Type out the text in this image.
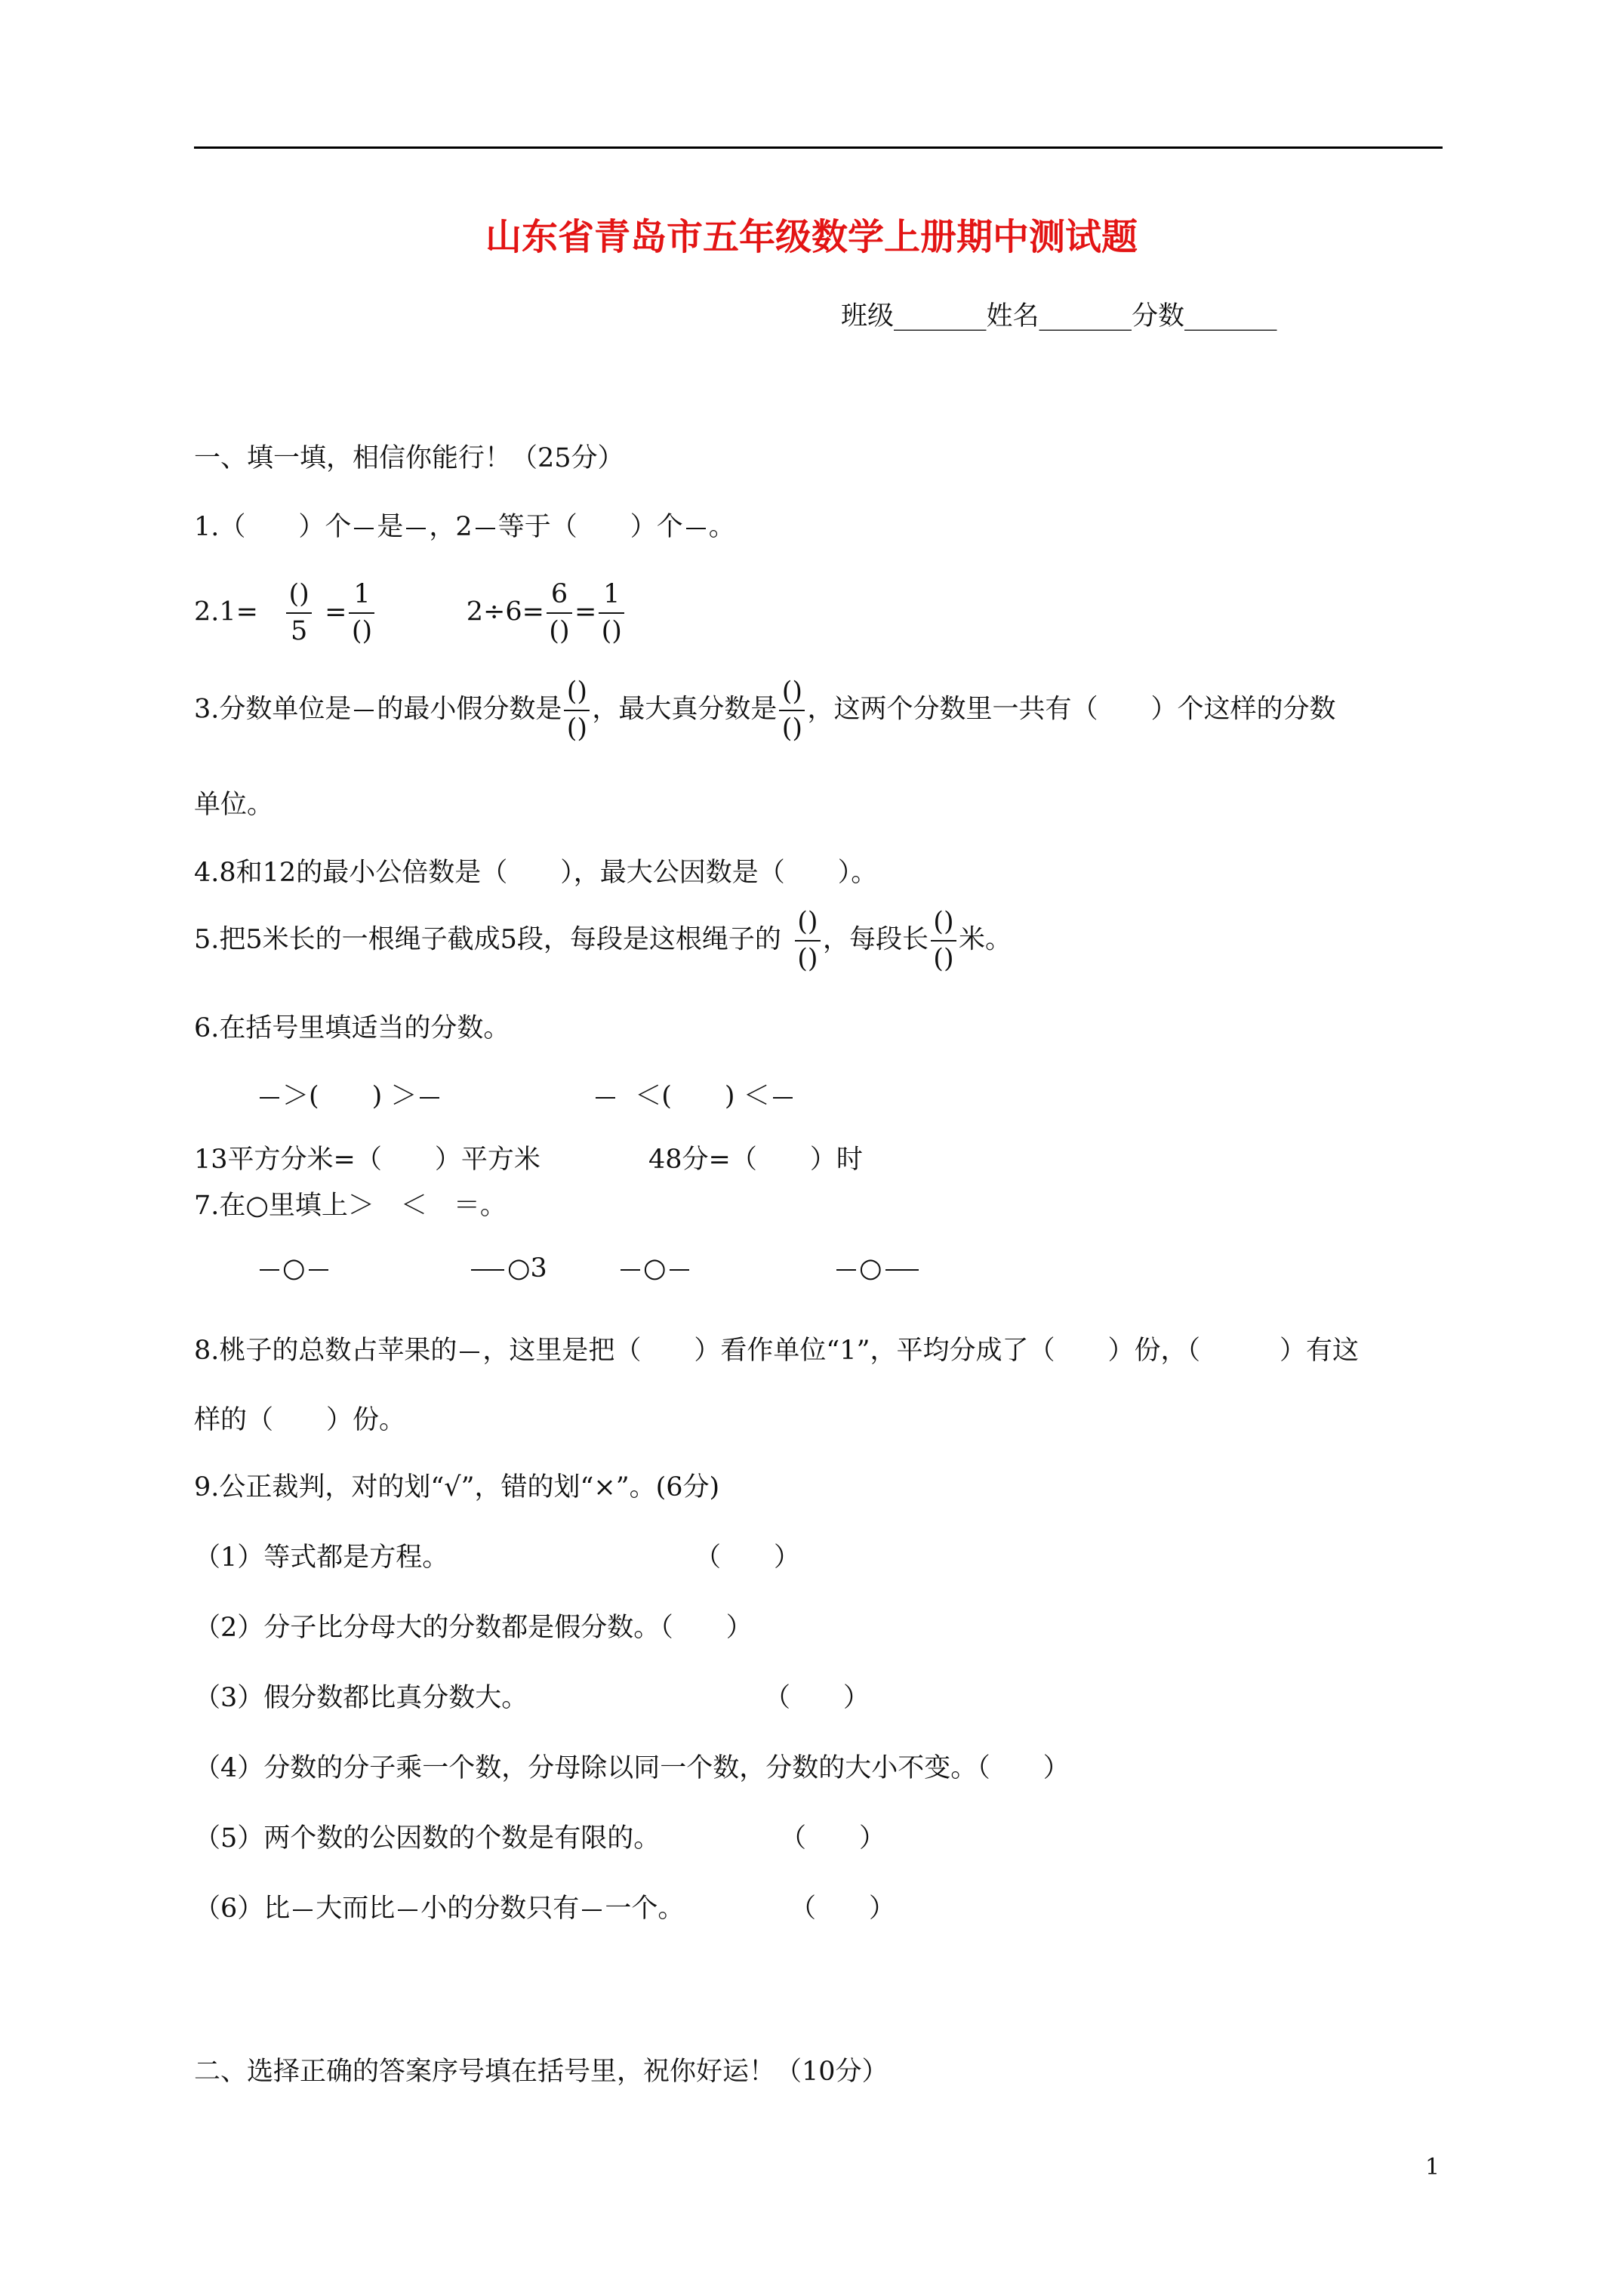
山东省青岛市五年级数学上册期中测试题
班级_______姓名_______分数_______
一、填一填，相信你能行！（25分）
1.（　　）个 是 ，2 等于（　　）个 。
$2.1= \frac{()}{5} = \frac{1}{()}$	$2\div 6= \frac{6}{()} = \frac{1}{()}$
3.分数单位是 的最小假分数是 $\frac{()}{()}$ ，最大真分数是 $\frac{()}{()}$ ，这两个分数里一共有（　　）个这样的分数
单位。
4.8和12的最小公倍数是（　　），最大公因数是（　　）。
5.把5米长的一根绳子截成5段，每段是这根绳子的 $\frac{()}{()}$ ，每段长 $\frac{()}{()}$ 米。
6.在括号里填适当的分数。
＞(　　) ＞	＜(　　) ＜
13平方分米=（　　）平方米	48分=（　　）时
7.在○里填上＞　＜　＝。
○	○3	○	○
8.桃子的总数占苹果的 ，这里是把（　　）看作单位“1”，平均分成了（　　）份，（　　　）有这
样的（　　）份。
9.公正裁判，对的划“√”，错的划“×”。(6分)
（1）等式都是方程。	（　　）
（2）分子比分母大的分数都是假分数。（　　）
（3）假分数都比真分数大。	（　　）
（4）分数的分子乘一个数，分母除以同一个数，分数的大小不变。（　　）
（5）两个数的公因数的个数是有限的。	（　　）
（6）比 大而比 小的分数只有 一个。	（　　）
二、选择正确的答案序号填在括号里，祝你好运！（10分）
1
